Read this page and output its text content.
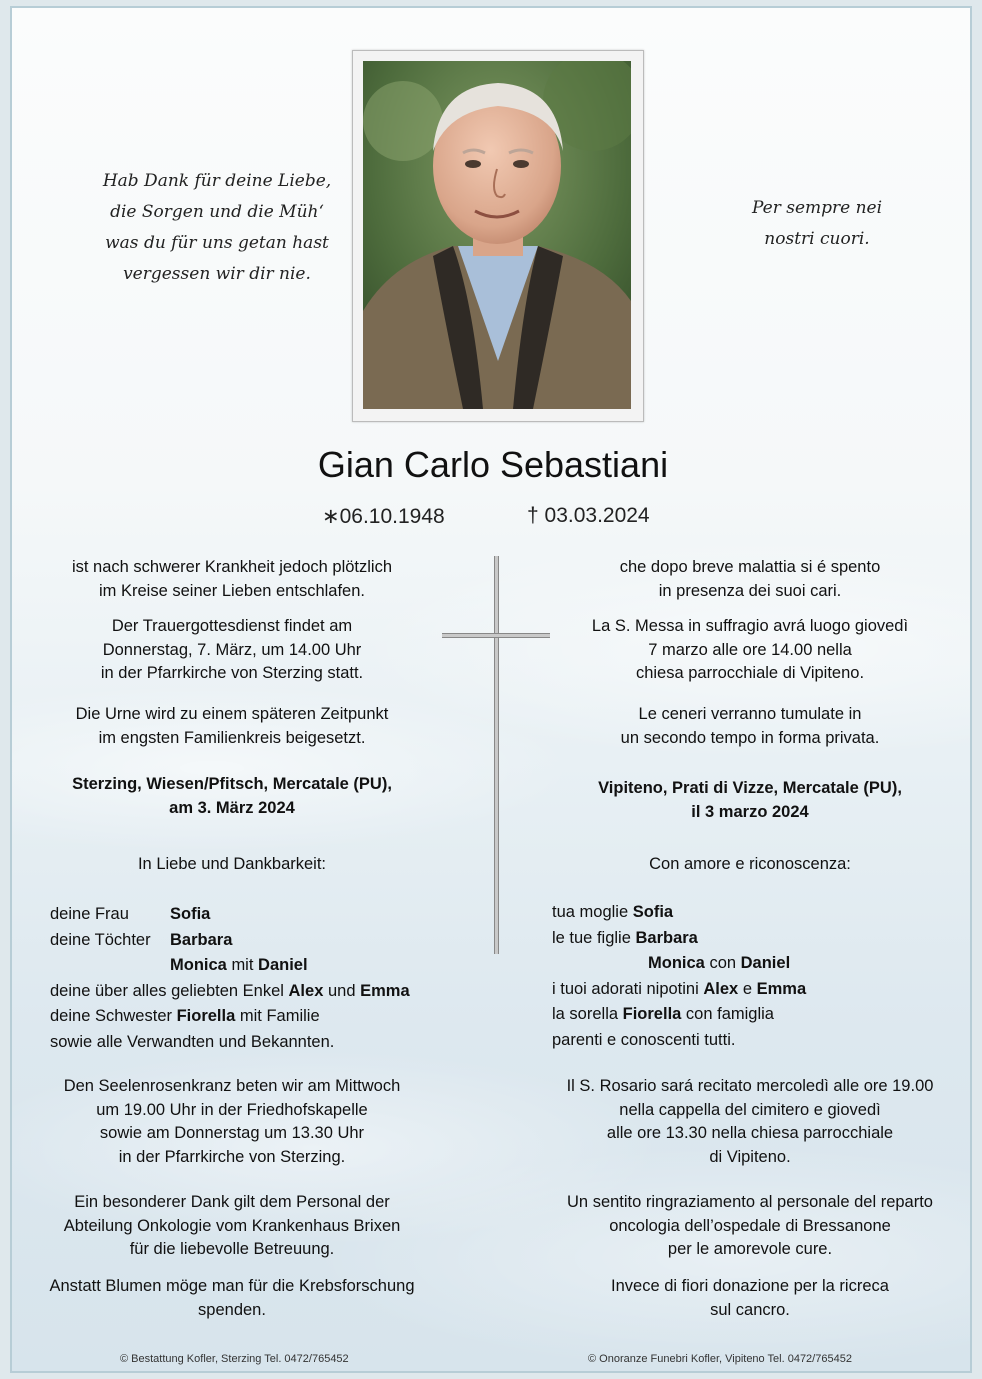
Hab Dank für deine Liebe,
die Sorgen und die Müh‘
was du für uns getan hast
vergessen wir dir nie.
Per sempre nei
nostri cuori.
Gian Carlo Sebastiani
∗06.10.1948	† 03.03.2024
ist nach schwerer Krankheit jedoch plötzlich
im Kreise seiner Lieben entschlafen.
Der Trauergottesdienst findet am
Donnerstag, 7. März, um 14.00 Uhr
in der Pfarrkirche von Sterzing statt.
Die Urne wird zu einem späteren Zeitpunkt
im engsten Familienkreis beigesetzt.
Sterzing, Wiesen/Pfitsch, Mercatale (PU),
am 3. März 2024
In Liebe und Dankbarkeit:
deine Frau Sofia
deine Töchter Barbara
Monica mit Daniel
deine über alles geliebten Enkel Alex und Emma
deine Schwester Fiorella mit Familie
sowie alle Verwandten und Bekannten.
Den Seelenrosenkranz beten wir am Mittwoch
um 19.00 Uhr in der Friedhofskapelle
sowie am Donnerstag um 13.30 Uhr
in der Pfarrkirche von Sterzing.
Ein besonderer Dank gilt dem Personal der
Abteilung Onkologie vom Krankenhaus Brixen
für die liebevolle Betreuung.
Anstatt Blumen möge man für die Krebsforschung
spenden.
© Bestattung Kofler, Sterzing Tel. 0472/765452
che dopo breve malattia si é spento
in presenza dei suoi cari.
La S. Messa in suffragio avrá luogo giovedì
7 marzo alle ore 14.00 nella
chiesa parrocchiale di Vipiteno.
Le ceneri verranno tumulate in
un secondo tempo in forma privata.
Vipiteno, Prati di Vizze, Mercatale (PU),
il 3 marzo 2024
Con amore e riconoscenza:
tua moglie Sofia
le tue figlie Barbara
Monica con Daniel
i tuoi adorati nipotini Alex e Emma
la sorella Fiorella con famiglia
parenti e conoscenti tutti.
Il S. Rosario sará recitato mercoledì alle ore 19.00
nella cappella del cimitero e giovedì
alle ore 13.30 nella chiesa parrocchiale
di Vipiteno.
Un sentito ringraziamento al personale del reparto
oncologia dell’ospedale di Bressanone
per le amorevole cure.
Invece di fiori donazione per la ricreca
sul cancro.
© Onoranze Funebri Kofler, Vipiteno Tel. 0472/765452
